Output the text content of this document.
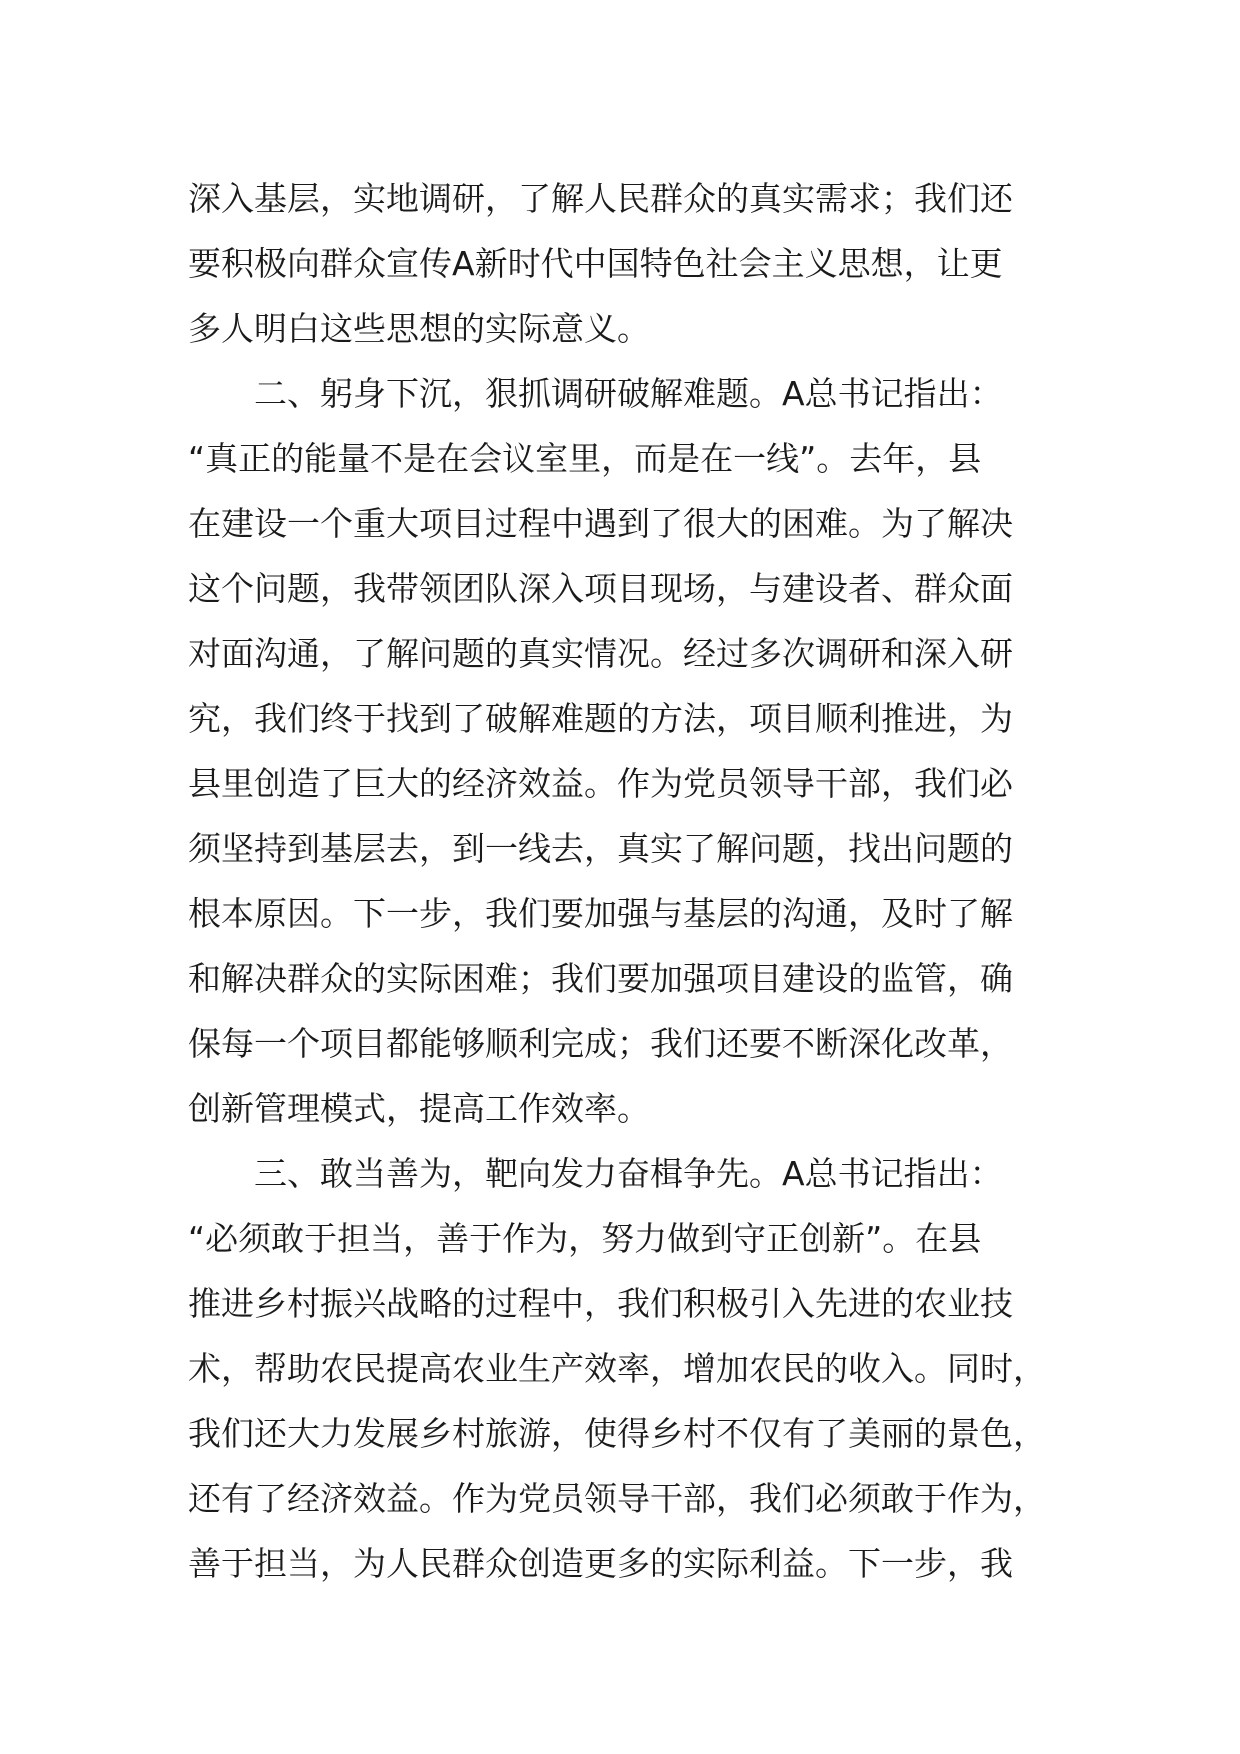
深入基层，实地调研，了解人民群众的真实需求；我们还
要积极向群众宣传A新时代中国特色社会主义思想，让更
多人明白这些思想的实际意义。
　　二、躬身下沉，狠抓调研破解难题。A总书记指出：
“真正的能量不是在会议室里，而是在一线”。去年，县
在建设一个重大项目过程中遇到了很大的困难。为了解决
这个问题，我带领团队深入项目现场，与建设者、群众面
对面沟通，了解问题的真实情况。经过多次调研和深入研
究，我们终于找到了破解难题的方法，项目顺利推进，为
县里创造了巨大的经济效益。作为党员领导干部，我们必
须坚持到基层去，到一线去，真实了解问题，找出问题的
根本原因。下一步，我们要加强与基层的沟通，及时了解
和解决群众的实际困难；我们要加强项目建设的监管，确
保每一个项目都能够顺利完成；我们还要不断深化改革，
创新管理模式，提高工作效率。
　　三、敢当善为，靶向发力奋楫争先。A总书记指出：
“必须敢于担当，善于作为，努力做到守正创新”。在县
推进乡村振兴战略的过程中，我们积极引入先进的农业技
术，帮助农民提高农业生产效率，增加农民的收入。同时，
我们还大力发展乡村旅游，使得乡村不仅有了美丽的景色，
还有了经济效益。作为党员领导干部，我们必须敢于作为，
善于担当，为人民群众创造更多的实际利益。下一步，我
